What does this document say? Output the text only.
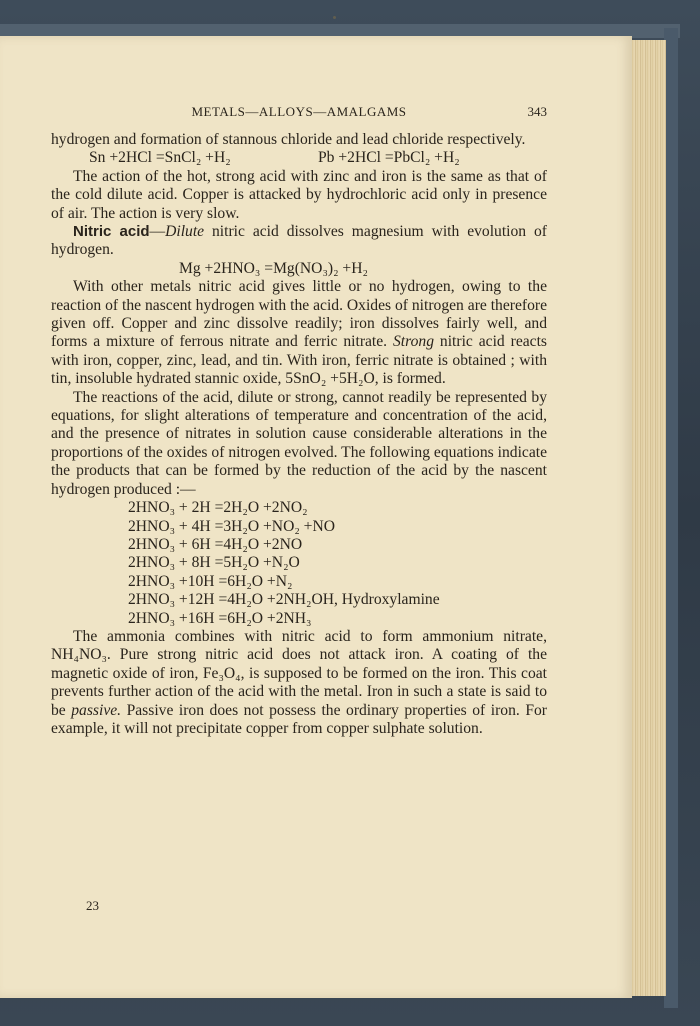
METALS—ALLOYS—AMALGAMS	343

hydrogen and formation of stannous chloride and lead chloride respectively.

Sn +2HCl =SnCl₂ +H₂	Pb +2HCl =PbCl₂ +H₂

The action of the hot, strong acid with zinc and iron is the same as that of the cold dilute acid. Copper is attacked by hydrochloric acid only in presence of air. The action is very slow.

Nitric acid—Dilute nitric acid dissolves magnesium with evolution of hydrogen.

Mg +2HNO₃ =Mg(NO₃)₂ +H₂

With other metals nitric acid gives little or no hydrogen, owing to the reaction of the nascent hydrogen with the acid. Oxides of nitrogen are therefore given off. Copper and zinc dissolve readily; iron dissolves fairly well, and forms a mixture of ferrous nitrate and ferric nitrate. Strong nitric acid reacts with iron, copper, zinc, lead, and tin. With iron, ferric nitrate is obtained ; with tin, insoluble hydrated stannic oxide, 5SnO₂ +5H₂O, is formed.

The reactions of the acid, dilute or strong, cannot readily be represented by equations, for slight alterations of temperature and concentration of the acid, and the presence of nitrates in solution cause considerable alterations in the proportions of the oxides of nitrogen evolved. The following equations indicate the products that can be formed by the reduction of the acid by the nascent hydrogen produced :—

2HNO₃ + 2H =2H₂O +2NO₂
2HNO₃ + 4H =3H₂O +NO₂ +NO
2HNO₃ + 6H =4H₂O +2NO
2HNO₃ + 8H =5H₂O +N₂O
2HNO₃ +10H =6H₂O +N₂
2HNO₃ +12H =4H₂O +2NH₂OH, Hydroxylamine
2HNO₃ +16H =6H₂O +2NH₃

The ammonia combines with nitric acid to form ammonium nitrate, NH₄NO₃. Pure strong nitric acid does not attack iron. A coating of the magnetic oxide of iron, Fe₃O₄, is supposed to be formed on the iron. This coat prevents further action of the acid with the metal. Iron in such a state is said to be passive. Passive iron does not possess the ordinary properties of iron. For example, it will not precipitate copper from copper sulphate solution.

23
